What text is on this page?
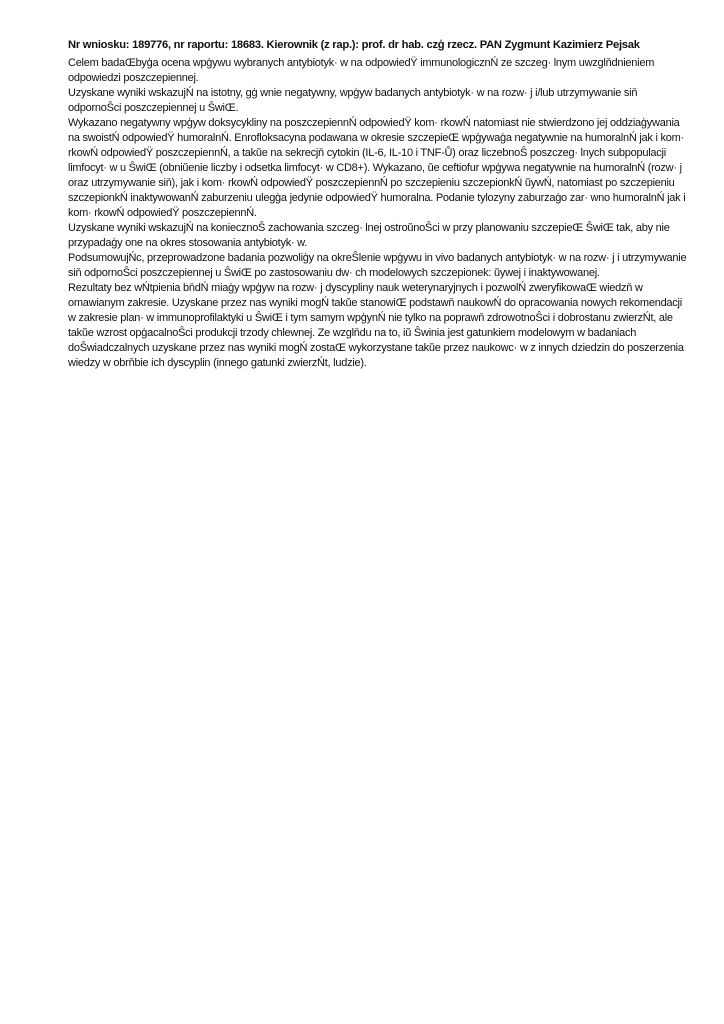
Nr wniosku: 189776, nr raportu: 18683. Kierownik (z rap.): prof. dr hab. czģ rzecz. PAN Zygmunt Kazimierz Pejsak

Celem badaŒbyģa ocena wpģywu wybranych antybiotyk· w na odpowiedŸ immunologicznŃ ze szczeg· lnym uwzglňdnieniem odpowiedzi poszczepiennej.

Uzyskane wyniki wskazujŃ na istotny, gģ wnie negatywny, wpģyw badanych antybiotyk· w na rozw· j i/lub utrzymywanie siň odpornoŜci poszczepiennej u ŜwiŒ.

Wykazano negatywny wpģyw doksycykliny na poszczepiennŃ odpowiedŸ kom· rkowŃ natomiast nie stwierdzono jej oddziaģywania na swoistŃ odpowiedŸ humoralnŃ. Enrofloksacyna podawana w okresie szczepieŒ wpģywaģa negatywnie na humoralnŃ jak i kom· rkowŃ odpowiedŸ poszczepiennŃ, a takŭe na sekrecjň cytokin (IL-6, IL-10 i TNF-Ů) oraz liczebnoŜ poszczeg· lnych subpopulacji limfocyt· w u ŜwiŒ (obniŭenie liczby i odsetka limfocyt· w CD8+). Wykazano, ŭe ceftiofur wpģywa negatywnie na humoralnŃ (rozw· j oraz utrzymywanie siň), jak i kom· rkowŃ odpowiedŸ poszczepiennŃ po szczepieniu szczepionkŃ ŭywŃ, natomiast po szczepieniu szczepionkŃ inaktywowanŃ zaburzeniu ulegģa jedynie odpowiedŸ humoralna. Podanie tylozyny zaburzaģo zar· wno humoralnŃ jak i kom· rkowŃ odpowiedŸ poszczepiennŃ.

Uzyskane wyniki wskazujŃ na koniecznoŜ zachowania szczeg· lnej ostroŭnoŜci w przy planowaniu szczepieŒ ŜwiŒ tak, aby nie przypadaģy one na okres stosowania antybiotyk· w.

PodsumowujŃc, przeprowadzone badania pozwoliģy na okreŜlenie wpģywu in vivo badanych antybiotyk· w na rozw· j i utrzymywanie siň odpornoŜci poszczepiennej u ŜwiŒ po zastosowaniu dw· ch modelowych szczepionek: ŭywej i inaktywowanej.

Rezultaty bez wŃtpienia bňdŃ miaģy wpģyw na rozw· j dyscypliny nauk weterynaryjnych i pozwolŃ zweryfikowaŒ wiedzň w omawianym zakresie. Uzyskane przez nas wyniki mogŃ takŭe stanowiŒ podstawň naukowŃ do opracowania nowych rekomendacji w zakresie plan· w immunoprofilaktyki u ŜwiŒ i tym samym wpģynŃ nie tylko na poprawň zdrowotnoŜci i dobrostanu zwierzŃt, ale takŭe wzrost opģacalnoŜci produkcji trzody chlewnej. Ze wzglňdu na to, iŭ Ŝwinia jest gatunkiem modelowym w badaniach doŜwiadczalnych uzyskane przez nas wyniki mogŃ zostaŒ wykorzystane takŭe przez naukowc· w z innych dziedzin do poszerzenia wiedzy w obrňbie ich dyscyplin (innego gatunki zwierzŃt, ludzie).
